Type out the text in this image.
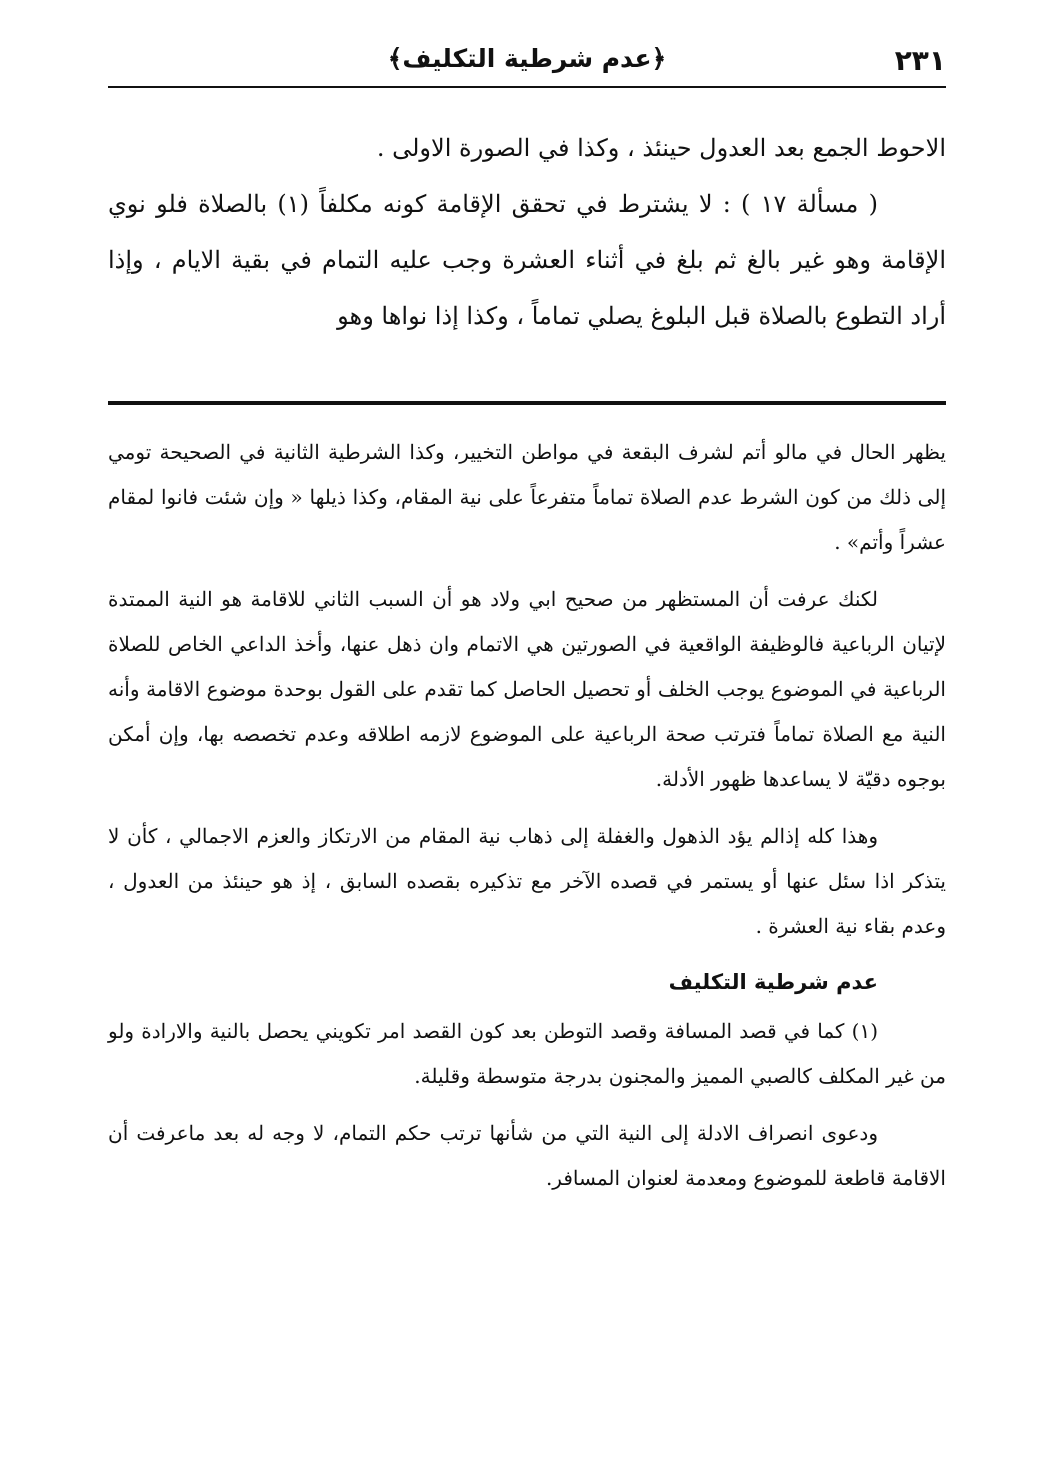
٢٣١
﴿عدم شرطية التكليف﴾

الاحوط الجمع بعد العدول حينئذ ، وكذا في الصورة الاولى .

( مسألة ١٧ ) : لا يشترط في تحقق الإقامة كونه مكلفاً (١) بالصلاة فلو نوي الإقامة وهو غير بالغ ثم بلغ في أثناء العشرة وجب عليه التمام في بقية الايام ، وإذا أراد التطوع بالصلاة قبل البلوغ يصلي تماماً ، وكذا إذا نواها وهو

يظهر الحال في مالو أتم لشرف البقعة في مواطن التخيير، وكذا الشرطية الثانية في الصحيحة تومي إلى ذلك من كون الشرط عدم الصلاة تماماً متفرعاً على نية المقام، وكذا ذيلها « وإن شئت فانوا لمقام عشراً وأتم» .

لكنك عرفت أن المستظهر من صحيح ابي ولاد هو أن السبب الثاني للاقامة هو النية الممتدة لإتيان الرباعية فالوظيفة الواقعية في الصورتين هي الاتمام وان ذهل عنها، وأخذ الداعي الخاص للصلاة الرباعية في الموضوع يوجب الخلف أو تحصيل الحاصل كما تقدم على القول بوحدة موضوع الاقامة وأنه النية مع الصلاة تماماً فترتب صحة الرباعية على الموضوع لازمه اطلاقه وعدم تخصصه بها، وإن أمكن بوجوه دقيّة لا يساعدها ظهور الأدلة.

وهذا كله إذالم يؤد الذهول والغفلة إلى ذهاب نية المقام من الارتكاز والعزم الاجمالي ، كأن لا يتذكر اذا سئل عنها أو يستمر في قصده الآخر مع تذكيره بقصده السابق ، إذ هو حينئذ من العدول ، وعدم بقاء نية العشرة .

عدم شرطية التكليف

(١) كما في قصد المسافة وقصد التوطن بعد كون القصد امر تكويني يحصل بالنية والارادة ولو من غير المكلف كالصبي المميز والمجنون بدرجة متوسطة وقليلة.

ودعوى انصراف الادلة إلى النية التي من شأنها ترتب حكم التمام، لا وجه له بعد ماعرفت أن الاقامة قاطعة للموضوع ومعدمة لعنوان المسافر.
